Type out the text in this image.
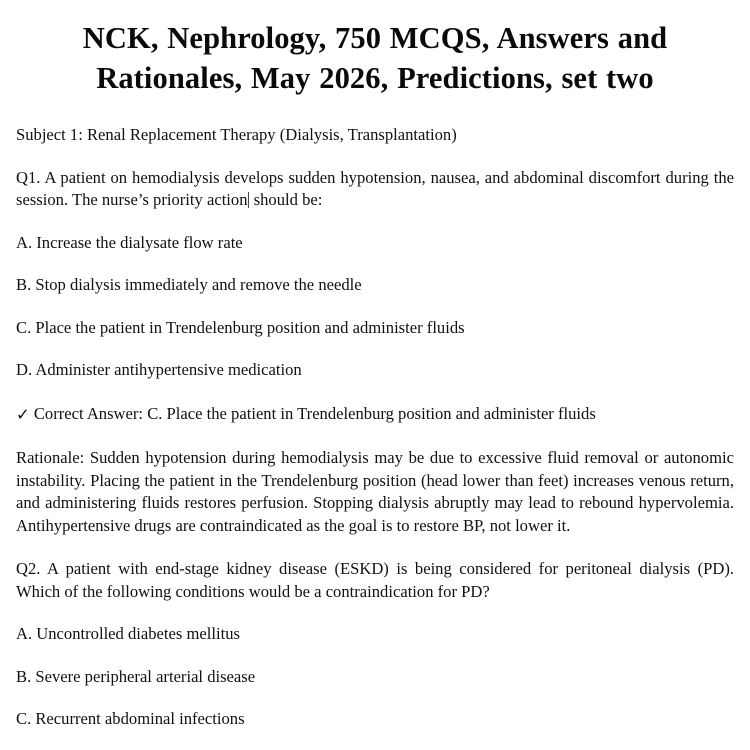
NCK, Nephrology, 750 MCQS, Answers and Rationales, May 2026, Predictions, set two

Subject 1: Renal Replacement Therapy (Dialysis, Transplantation)

Q1. A patient on hemodialysis develops sudden hypotension, nausea, and abdominal discomfort during the session. The nurse’s priority action should be:

A. Increase the dialysate flow rate

B. Stop dialysis immediately and remove the needle

C. Place the patient in Trendelenburg position and administer fluids

D. Administer antihypertensive medication

✓ Correct Answer: C. Place the patient in Trendelenburg position and administer fluids

Rationale: Sudden hypotension during hemodialysis may be due to excessive fluid removal or autonomic instability. Placing the patient in the Trendelenburg position (head lower than feet) increases venous return, and administering fluids restores perfusion. Stopping dialysis abruptly may lead to rebound hypervolemia. Antihypertensive drugs are contraindicated as the goal is to restore BP, not lower it.

Q2. A patient with end-stage kidney disease (ESKD) is being considered for peritoneal dialysis (PD). Which of the following conditions would be a contraindication for PD?

A. Uncontrolled diabetes mellitus

B. Severe peripheral arterial disease

C. Recurrent abdominal infections
